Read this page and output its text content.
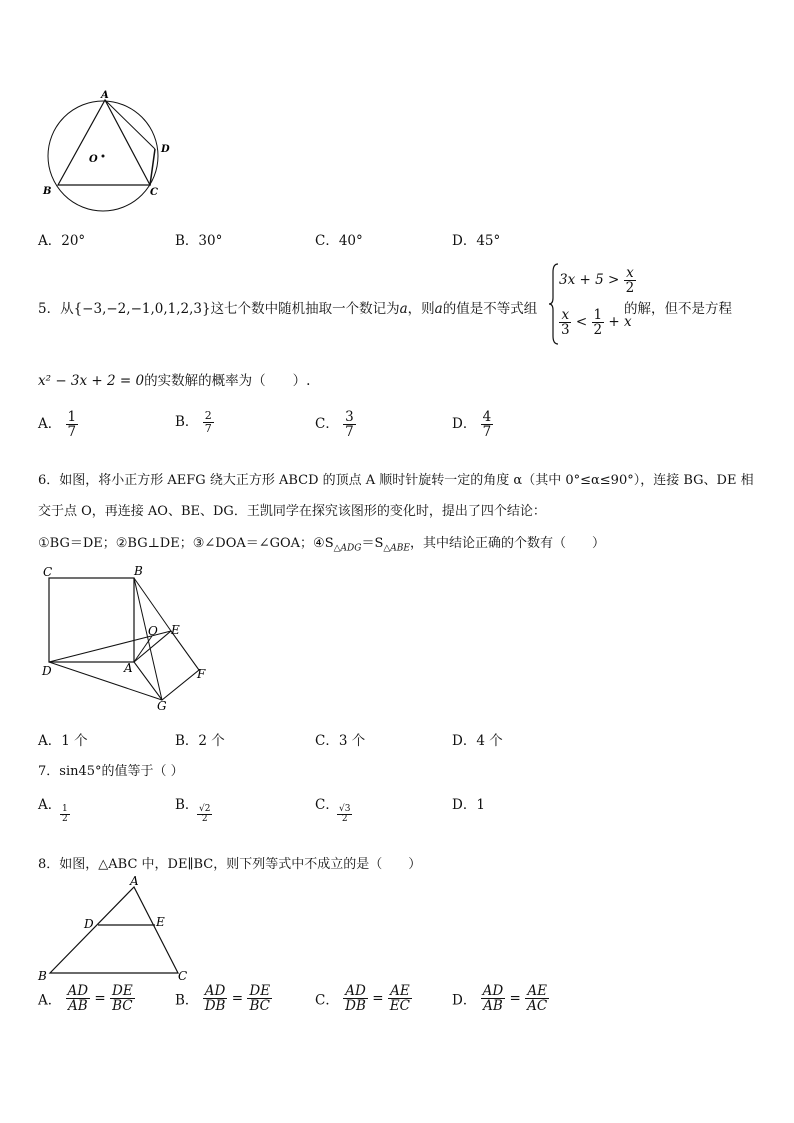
A
B	C
D
O
A．20°	B．30°	C．40°	D．45°
5．从{−3,−2,−1,0,1,2,3}这七个数中随机抽取一个数记为a，则a的值是不等式组
$3x + 5 > \frac{x}{2}$
$\frac{x}{3} < \frac{1}{2} + x$
的解，但不是方程
x² − 3x + 2 = 0的实数解的概率为（　　）.
A． $\frac{1}{7}$	B． $\frac{2}{7}$	C． $\frac{3}{7}$	D． $\frac{4}{7}$
6．如图，将小正方形 AEFG 绕大正方形 ABCD 的顶点 A 顺时针旋转一定的角度 α（其中 0°≤α≤90°），连接 BG、DE 相
交于点 O，再连接 AO、BE、DG．王凯同学在探究该图形的变化时，提出了四个结论：
①BG＝DE；②BG⊥DE；③∠DOA＝∠GOA；$④S_{\triangle ADG}=S_{\triangle ABE}$，其中结论正确的个数有（　　）
C	B
D	A
O E
F
G
A．1 个	B．2 个	C．3 个	D．4 个
7．sin45°的值等于（ ）
A．
$\frac{1}{2}$	B．
$\frac{√2}{2}$	C．
$\frac{√3}{2}$	D．1
8．如图，△ABC 中，DE∥BC，则下列等式中不成立的是（　　）
A
D	E
B	C
A． $\frac{AD}{AB} = \frac{DE}{BC}$	B． $\frac{AD}{DB} = \frac{DE}{BC}$	C． $\frac{AD}{DB} = \frac{AE}{EC}$	D． $\frac{AD}{AB} = \frac{AE}{AC}$
